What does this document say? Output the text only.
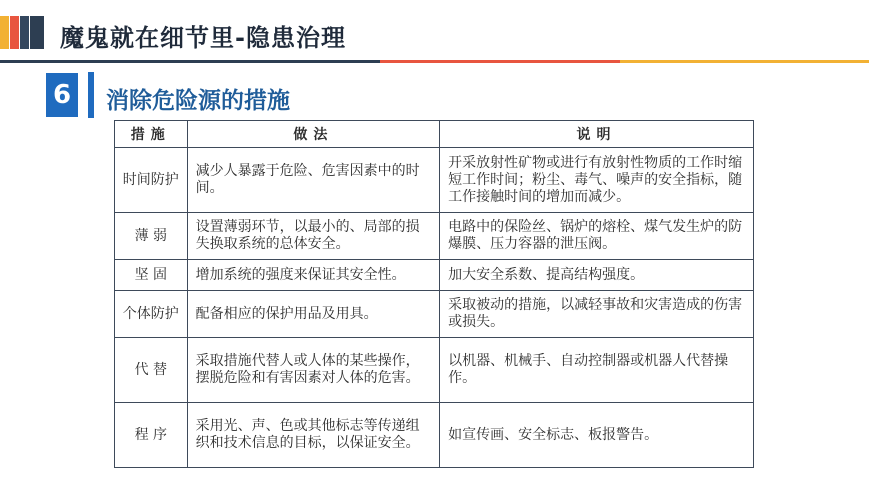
魔鬼就在细节里-隐患治理
6	消除危险源的措施
措施	做法	说明
时间防护	减少人暴露于危险、危害因素中的时间。	开采放射性矿物或进行有放射性物质的工作时缩短工作时间；粉尘、毒气、噪声的安全指标，随工作接触时间的增加而减少。
薄 弱	设置薄弱环节，以最小的、局部的损失换取系统的总体安全。	电路中的保险丝、锅炉的熔栓、煤气发生炉的防爆膜、压力容器的泄压阀。
坚 固	增加系统的强度来保证其安全性。	加大安全系数、提高结构强度。
个体防护	配备相应的保护用品及用具。	采取被动的措施，以减轻事故和灾害造成的伤害或损失。
代 替	采取措施代替人或人体的某些操作，摆脱危险和有害因素对人体的危害。	以机器、机械手、自动控制器或机器人代替操作。
程 序	采用光、声、色或其他标志等传递组织和技术信息的目标，以保证安全。	如宣传画、安全标志、板报警告。
